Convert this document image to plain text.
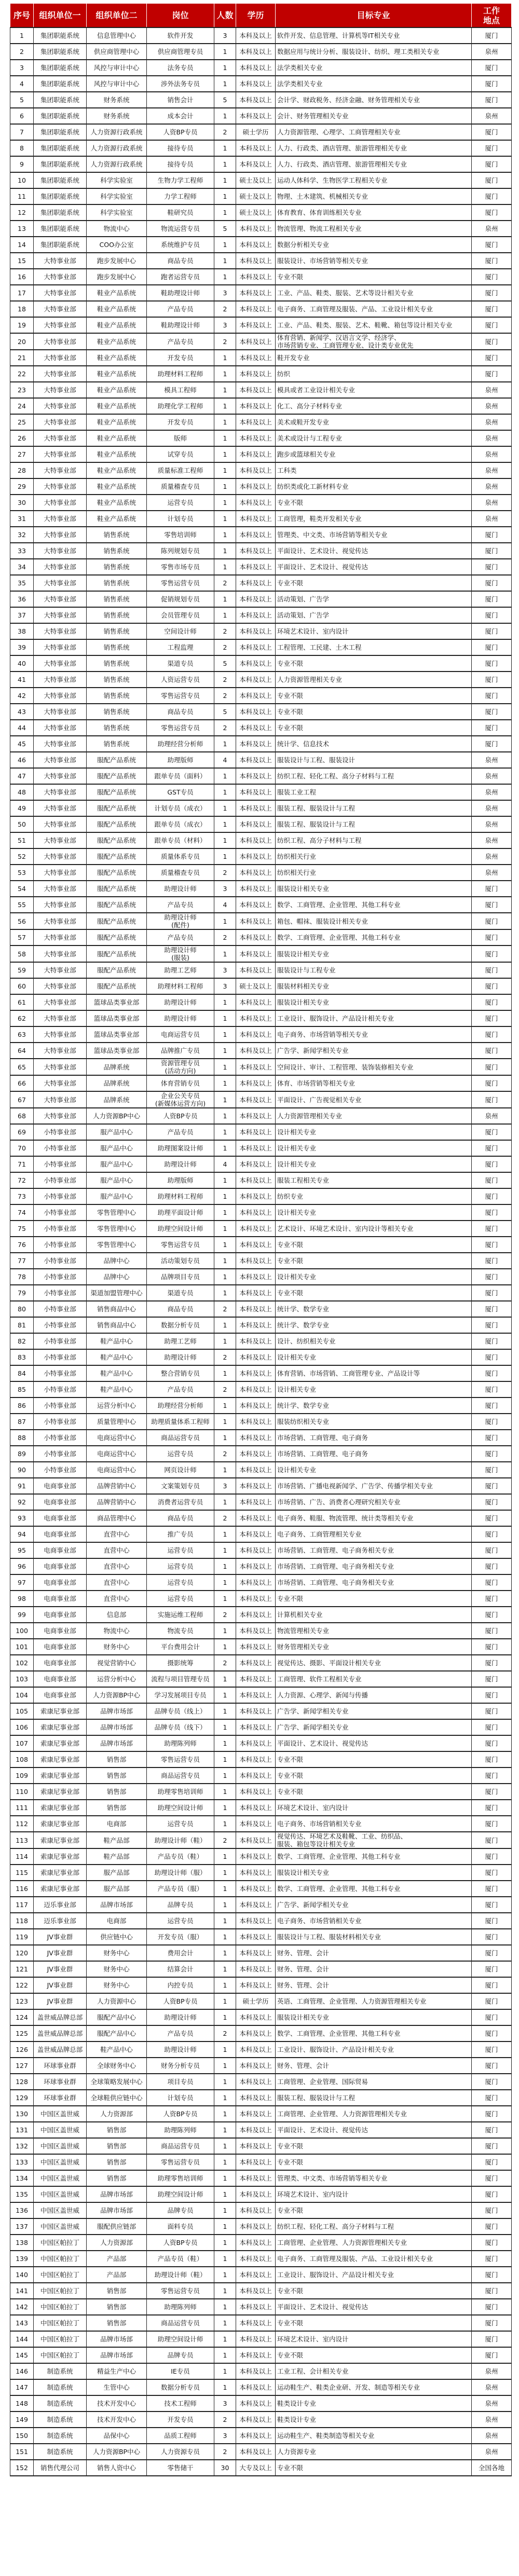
序号	组织单位一	组织单位二	岗位	人数	学历	目标专业	工作
地点
1	集团职能系统	信息管理中心	软件开发	3	本科及以上	软件开发、信息管理、计算机等IT相关专业	厦门
2	集团职能系统	供应商管理中心	供应商管理专员	1	本科及以上	数据应用与统计分析、服装设计、纺织、理工类相关专业	泉州
3	集团职能系统	风控与审计中心	法务专员	1	本科及以上	法学类相关专业	厦门
4	集团职能系统	风控与审计中心	涉外法务专员	1	本科及以上	法学类相关专业	厦门
5	集团职能系统	财务系统	销售会计	5	本科及以上	会计学、财政税务、经济金融、财务管理相关专业	厦门
6	集团职能系统	财务系统	成本会计	1	本科及以上	会计、财务管理相关专业	泉州
7	集团职能系统	人力资源行政系统	人资BP专员	2	硕士学历	人力资源管理、心理学、工商管理相关专业	厦门
8	集团职能系统	人力资源行政系统	接待专员	1	本科及以上	人力、行政类、酒店管理、旅游管理相关专业	厦门
9	集团职能系统	人力资源行政系统	接待专员	1	本科及以上	人力、行政类、酒店管理、旅游管理相关专业	厦门
10	集团职能系统	科学实验室	生物力学工程师	1	硕士及以上	运动人体科学、生物医学工程相关专业	厦门
11	集团职能系统	科学实验室	力学工程师	1	硕士及以上	物理、土木建筑、机械相关专业	厦门
12	集团职能系统	科学实验室	鞋研究员	1	硕士及以上	体育教育、体育训练相关专业	厦门
13	集团职能系统	物流中心	物流运营专员	5	本科及以上	物流管理、物流工程相关专业	泉州
14	集团职能系统	COO办公室	系统维护专员	1	本科及以上	数据分析相关专业	厦门
15	大特事业部	跑步发展中心	商品专员	1	本科及以上	服装设计、市场营销等相关专业	厦门
16	大特事业部	跑步发展中心	跑者运营专员	1	本科及以上	专业不限	厦门
17	大特事业部	鞋业产品系统	鞋助理设计师	3	本科及以上	工业、产品、鞋类、服装、艺术等设计相关专业	厦门
18	大特事业部	鞋业产品系统	产品专员	2	本科及以上	电子商务、工商管理及服装、产品、工业设计相关专业	厦门
19	大特事业部	鞋业产品系统	鞋助理设计师	3	本科及以上	工业、产品、鞋类、服装、艺术、鞋靴、箱包等设计相关专业	厦门
20	大特事业部	鞋业产品系统	产品专员	2	本科及以上	体育营销、新闻学、汉语言文学、经济学、
市场营销专业、工商管理专业、设计类专业优先	厦门
21	大特事业部	鞋业产品系统	开发专员	1	本科及以上	鞋开发专业	厦门
22	大特事业部	鞋业产品系统	助理材料工程师	1	本科及以上	纺织	厦门
23	大特事业部	鞋业产品系统	模具工程师	1	本科及以上	模具或者工业设计相关专业	泉州
24	大特事业部	鞋业产品系统	助理化学工程师	1	本科及以上	化工、高分子材料专业	泉州
25	大特事业部	鞋业产品系统	开发专员	1	本科及以上	美术或鞋开发专业	泉州
26	大特事业部	鞋业产品系统	版师	1	本科及以上	美术或设计与工程专业	泉州
27	大特事业部	鞋业产品系统	试穿专员	1	本科及以上	跑步或篮球相关专业	泉州
28	大特事业部	鞋业产品系统	质量标准工程师	1	本科及以上	工科类	泉州
29	大特事业部	鞋业产品系统	质量稽查专员	1	本科及以上	纺织类或化工新材料专业	泉州
30	大特事业部	鞋业产品系统	运营专员	1	本科及以上	专业不限	泉州
31	大特事业部	鞋业产品系统	计划专员	1	本科及以上	工商管理，鞋类开发相关专业	泉州
32	大特事业部	销售系统	零售培训师	1	本科及以上	管理类、中文类、市场营销等相关专业	厦门
33	大特事业部	销售系统	陈列规划专员	1	本科及以上	平面设计、艺术设计、视觉传达	厦门
34	大特事业部	销售系统	零售市场专员	1	本科及以上	平面设计、艺术设计、视觉传达	厦门
35	大特事业部	销售系统	零售运营专员	2	本科及以上	专业不限	厦门
36	大特事业部	销售系统	促销规划专员	1	本科及以上	活动策划、广告学	厦门
37	大特事业部	销售系统	会员管理专员	1	本科及以上	活动策划、广告学	厦门
38	大特事业部	销售系统	空间设计师	2	本科及以上	环境艺术设计、室内设计	厦门
39	大特事业部	销售系统	工程监理	2	本科及以上	工程管理、工民建、土木工程	厦门
40	大特事业部	销售系统	渠道专员	5	本科及以上	专业不限	厦门
41	大特事业部	销售系统	人资运营专员	2	本科及以上	人力资源管理相关专业	厦门
42	大特事业部	销售系统	零售运营专员	2	本科及以上	专业不限	厦门
43	大特事业部	销售系统	商品专员	5	本科及以上	专业不限	厦门
44	大特事业部	销售系统	零售运营专员	2	本科及以上	专业不限	厦门
45	大特事业部	销售系统	助理经营分析师	1	本科及以上	统计学、信息技术	厦门
46	大特事业部	服配产品系统	助理版师	4	本科及以上	服装设计与工程、服装设计	泉州
47	大特事业部	服配产品系统	跟单专员（面料）	1	本科及以上	纺织工程、轻化工程、高分子材料与工程	泉州
48	大特事业部	服配产品系统	GST专员	1	本科及以上	服装工业工程	泉州
49	大特事业部	服配产品系统	计划专员（成衣）	1	本科及以上	服装工程、服装设计与工程	泉州
50	大特事业部	服配产品系统	跟单专员（成衣）	1	本科及以上	服装工程、服装设计与工程	泉州
51	大特事业部	服配产品系统	跟单专员（材料）	1	本科及以上	纺织工程、高分子材料与工程	泉州
52	大特事业部	服配产品系统	质量体系专员	1	本科及以上	纺织相关行业	泉州
53	大特事业部	服配产品系统	质量稽查专员	2	本科及以上	纺织相关行业	泉州
54	大特事业部	服配产品系统	助理设计师	3	本科及以上	服装设计相关专业	厦门
55	大特事业部	服配产品系统	产品专员	4	本科及以上	数学、工商管理、企业管理、其他工科专业	厦门
56	大特事业部	服配产品系统	助理设计师
(配件)	1	本科及以上	箱包、帽袜、服装设计相关专业	厦门
57	大特事业部	服配产品系统	产品专员	2	本科及以上	数学、工商管理、企业管理、其他工科专业	厦门
58	大特事业部	服配产品系统	助理设计师
(服装)	1	本科及以上	服装设计相关专业	厦门
59	大特事业部	服配产品系统	助理工艺师	3	本科及以上	服装设计与工程专业	厦门
60	大特事业部	服配产品系统	助理材料工程师	3	硕士及以上	服装材料相关专业	厦门
61	大特事业部	篮球品类事业部	助理设计师	1	本科及以上	服装设计相关专业	厦门
62	大特事业部	篮球品类事业部	助理设计师	1	本科及以上	工业设计、服饰设计、产品设计相关专业	厦门
63	大特事业部	篮球品类事业部	电商运营专员	1	本科及以上	电子商务、市场营销等相关专业	厦门
64	大特事业部	篮球品类事业部	品牌推广专员	1	本科及以上	广告学、新闻学相关专业	厦门
65	大特事业部	品牌系统	资源管理专员
(活动方向)	1	本科及以上	空间设计、审计、工程管理、装饰装修相关专业	厦门
66	大特事业部	品牌系统	体育营销专员	1	本科及以上	体育、市场营销等相关专业	厦门
67	大特事业部	品牌系统	企业公关专员
(新媒体运营方向)	1	本科及以上	平面设计、广告视觉相关专业	厦门
68	大特事业部	人力资源BP中心	人资BP专员	1	本科及以上	人力资源管理相关专业	泉州
69	小特事业部	服产品中心	产品专员	1	本科及以上	设计相关专业	厦门
70	小特事业部	服产品中心	助理图案设计师	1	本科及以上	设计相关专业	厦门
71	小特事业部	服产品中心	助理设计师	4	本科及以上	设计相关专业	厦门
72	小特事业部	服产品中心	助理版师	1	本科及以上	服装工程相关专业	厦门
73	小特事业部	服产品中心	助理材料工程师	1	本科及以上	纺织专业	厦门
74	小特事业部	零售管理中心	助理平面设计师	1	本科及以上	设计相关专业	厦门
75	小特事业部	零售管理中心	助理空间设计师	1	本科及以上	艺术设计、环境艺术设计、室内设计等相关专业	厦门
76	小特事业部	零售管理中心	零售运营专员	1	本科及以上	专业不限	厦门
77	小特事业部	品牌中心	活动策划专员	1	本科及以上	专业不限	厦门
78	小特事业部	品牌中心	品牌项目专员	1	本科及以上	设计相关专业	厦门
79	小特事业部	渠道加盟管理中心	渠道专员	1	本科及以上	专业不限	厦门
80	小特事业部	销售商品中心	商品专员	2	本科及以上	统计学、数学专业	厦门
81	小特事业部	销售商品中心	数据分析专员	1	本科及以上	统计学、数学专业	厦门
82	小特事业部	鞋产品中心	助理工艺师	1	本科及以上	设计、纺织相关专业	厦门
83	小特事业部	鞋产品中心	助理设计师	2	本科及以上	设计相关专业	厦门
84	小特事业部	鞋产品中心	整合营销专员	1	本科及以上	体育营销、市场营销、工商管理专业、产品设计等	厦门
85	小特事业部	鞋产品中心	产品专员	2	本科及以上	设计相关专业	厦门
86	小特事业部	运营分析中心	助理经营分析师	1	本科及以上	统计学、数学专业	厦门
87	小特事业部	质量管理中心	助理质量体系工程师	1	本科及以上	服装纺织相关专业	厦门
88	小特事业部	电商运营中心	商品运营专员	1	本科及以上	市场营销、工商管理、电子商务	厦门
89	小特事业部	电商运营中心	运营专员	2	本科及以上	市场营销、工商管理、电子商务	厦门
90	小特事业部	电商运营中心	网页设计师	1	本科及以上	设计相关专业	厦门
91	电商事业部	品牌营销中心	文案策划专员	3	本科及以上	市场营销、广播电视新闻学、广告学、传播学相关专业	厦门
92	电商事业部	品牌营销中心	消费者运营专员	1	本科及以上	市场营销、广告、消费者心理研究相关专业	厦门
93	电商事业部	商品管理中心	商品专员	2	本科及以上	电子商务、鞋服、物流管理、统计类等相关专业	厦门
94	电商事业部	直营中心	推广专员	1	本科及以上	电子商务、工商管理相关专业	厦门
95	电商事业部	直营中心	运营专员	1	本科及以上	市场营销、工商管理、电子商务相关专业	厦门
96	电商事业部	直营中心	运营专员	1	本科及以上	市场营销、工商管理、电子商务相关专业	厦门
97	电商事业部	直营中心	运营专员	1	本科及以上	市场营销、工商管理、电子商务相关专业	厦门
98	电商事业部	直营中心	运营专员	1	本科及以上	专业不限	厦门
99	电商事业部	信息部	实施运维工程师	2	本科及以上	计算机相关专业	厦门
100	电商事业部	物流中心	物流专员	1	本科及以上	物流管理相关专业	厦门
101	电商事业部	财务中心	平台费用会计	1	本科及以上	财务管理相关专业	厦门
102	电商事业部	视觉营销中心	摄影统筹	2	本科及以上	视觉传达、摄影、平面设计相关专业	厦门
103	电商事业部	运营分析中心	流程与项目管理专员	1	本科及以上	工商管理、软件工程相关专业	厦门
104	电商事业部	人力资源BP中心	学习发展项目专员	1	本科及以上	人力资源、心理学、新闻与传播	厦门
105	索康尼事业部	品牌市场部	品牌专员（线上）	1	本科及以上	广告学、新闻学相关专业	厦门
106	索康尼事业部	品牌市场部	品牌专员（线下）	1	本科及以上	广告学、新闻学相关专业	厦门
107	索康尼事业部	品牌市场部	助理陈列师	1	本科及以上	平面设计、艺术设计、视觉传达	厦门
108	索康尼事业部	销售部	零售运营专员	1	本科及以上	专业不限	厦门
109	索康尼事业部	销售部	商品运营专员	1	本科及以上	专业不限	厦门
110	索康尼事业部	销售部	助理零售培训师	1	本科及以上	专业不限	厦门
111	索康尼事业部	销售部	助理空间设计师	1	本科及以上	环境艺术设计、室内设计	厦门
112	索康尼事业部	电商部	运营专员	1	本科及以上	电子商务、市场营销相关专业	厦门
113	索康尼事业部	鞋产品部	助理设计师（鞋）	2	本科及以上	视觉传达、环境艺术及鞋靴、工业、纺织品、
服装、箱包等设计相关专业	厦门
114	索康尼事业部	鞋产品部	产品专员（鞋）	1	本科及以上	数学、工商管理、企业管理、其他工科专业	厦门
115	索康尼事业部	服产品部	助理设计师（服）	1	本科及以上	服装设计相关专业	厦门
116	索康尼事业部	服产品部	产品专员（服）	1	本科及以上	数学、工商管理、企业管理、其他工科专业	厦门
117	迈乐事业部	品牌市场部	品牌专员	1	本科及以上	广告学、新闻学相关专业	厦门
118	迈乐事业部	电商部	运营专员	1	本科及以上	电子商务、市场营销相关专业	厦门
119	JV事业群	供应链中心	开发专员（服）	1	本科及以上	服装设计与工程、服装材料相关专业	厦门
120	JV事业群	财务中心	费用会计	1	本科及以上	财务、管理、会计	厦门
121	JV事业群	财务中心	结算会计	1	本科及以上	财务、管理、会计	厦门
122	JV事业群	财务中心	内控专员	1	本科及以上	财务、管理、会计	厦门
123	JV事业群	人力资源中心	人资BP专员	1	硕士学历	英语、工商管理、企业管理、人力资源管理相关专业	厦门
124	盖世威品牌总部	服配产品中心	助理设计师	1	本科及以上	服装设计相关专业	厦门
125	盖世威品牌总部	服配产品中心	产品专员	2	本科及以上	数学、工商管理、企业管理、其他工科专业	厦门
126	盖世威品牌总部	鞋产品中心	助理设计师	1	本科及以上	工业设计、服饰设计、产品设计相关专业	厦门
127	环球事业群	全球财务中心	财务分析专员	1	本科及以上	财务、管理、会计	厦门
128	环球事业群	全球策略发展中心	项目专员	1	本科及以上	工商管理、企业管理、国际贸易	厦门
129	环球事业群	全球鞋供应链中心	计划专员	1	本科及以上	服装工程、服装设计与工程	厦门
130	中国区盖世威	人力资源部	人资BP专员	1	本科及以上	工商管理、企业管理、人力资源管理相关专业	厦门
131	中国区盖世威	销售部	助理陈列师	1	本科及以上	平面设计、艺术设计、视觉传达	厦门
132	中国区盖世威	销售部	商品运营专员	1	本科及以上	专业不限	厦门
133	中国区盖世威	销售部	零售运营专员	1	本科及以上	专业不限	厦门
134	中国区盖世威	销售部	助理零售培训师	1	本科及以上	管理类、中文类、市场营销等相关专业	厦门
135	中国区盖世威	品牌市场部	助理空间设计师	1	本科及以上	环境艺术设计、室内设计	厦门
136	中国区盖世威	品牌市场部	品牌专员	1	本科及以上	专业不限	厦门
137	中国区盖世威	服配供应链部	面料专员	1	本科及以上	纺织工程、轻化工程、高分子材料与工程	厦门
138	中国区帕拉丁	人力资源部	人资BP专员	1	本科及以上	工商管理、企业管理、人力资源管理相关专业	厦门
139	中国区帕拉丁	产品部	产品专员（鞋）	1	本科及以上	电子商务、工商管理及服装、产品、工业设计相关专业	厦门
140	中国区帕拉丁	产品部	助理设计师（鞋）	1	本科及以上	工业设计、服饰设计、产品设计相关专业	厦门
141	中国区帕拉丁	销售部	零售运营专员	1	本科及以上	专业不限	厦门
142	中国区帕拉丁	销售部	助理陈列师	1	本科及以上	平面设计、艺术设计、视觉传达	厦门
143	中国区帕拉丁	销售部	商品运营专员	1	本科及以上	专业不限	厦门
144	中国区帕拉丁	品牌市场部	助理空间设计师	1	本科及以上	环境艺术设计、室内设计	厦门
145	中国区帕拉丁	品牌市场部	品牌专员	1	本科及以上	专业不限	厦门
146	制造系统	精益生产中心	IE专员	1	本科及以上	工业工程、会计相关专业	泉州
147	制造系统	生管中心	数据分析专员	1	本科及以上	运动鞋生产、鞋类企业研、开发、制造等相关专业	泉州
148	制造系统	技术开发中心	技术工程师	3	本科及以上	鞋类设计专业	泉州
149	制造系统	技术开发中心	开发专员	2	本科及以上	鞋类设计专业	泉州
150	制造系统	品保中心	品质工程师	3	本科及以上	运动鞋生产、鞋类制造等相关专业	泉州
151	制造系统	人力资源BP中心	人力资源专员	2	本科及以上	人力资源专业	泉州
152	销售代理公司	销售人资中心	零售储干	30	大专及以上	专业不限	全国各地
